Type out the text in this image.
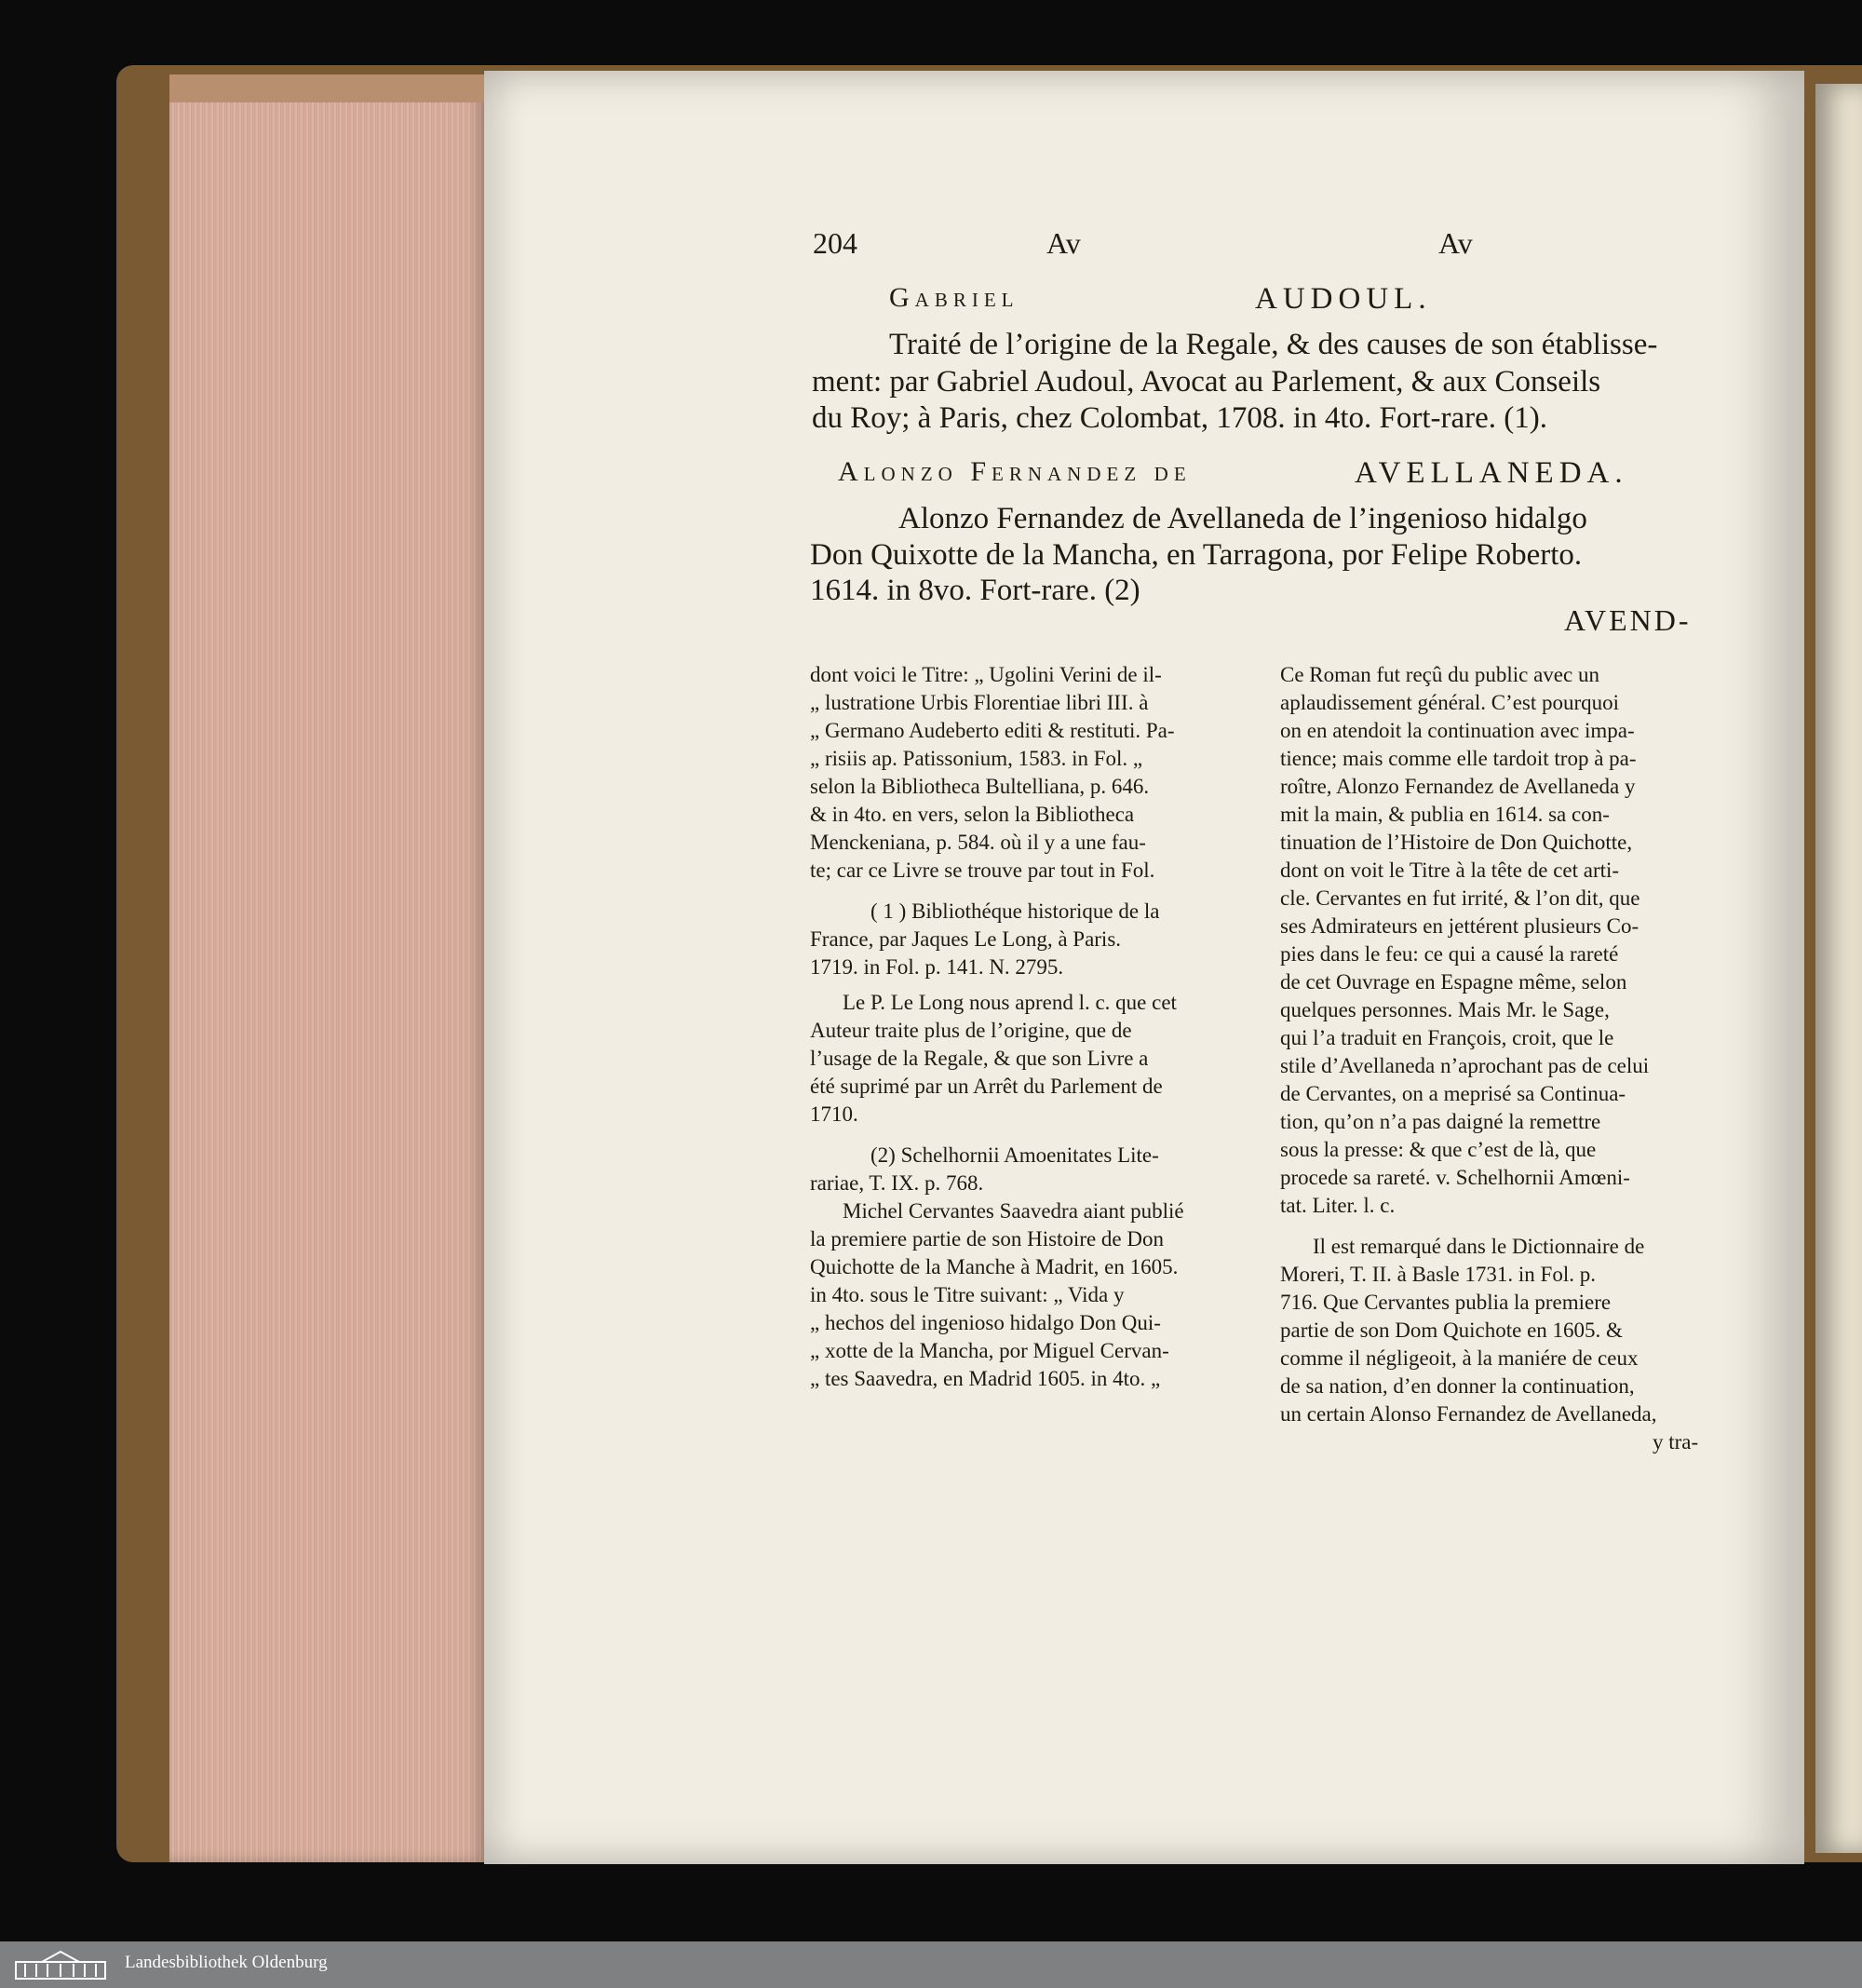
204	Av	Av
Gabriel	AUDOUL.
Traité de l’origine de la Regale, & des causes de son établisse-
ment: par Gabriel Audoul, Avocat au Parlement, & aux Conseils
du Roy; à Paris, chez Colombat, 1708. in 4to. Fort-rare. (1).
Alonzo Fernandez de	AVELLANEDA.
Alonzo Fernandez de Avellaneda de l’ingenioso hidalgo
Don Quixotte de la Mancha, en Tarragona, por Felipe Roberto.
1614. in 8vo. Fort-rare. (2)
AVEND-
dont voici le Titre: „ Ugolini Verini de il-
„ lustratione Urbis Florentiae libri III. à
„ Germano Audeberto editi & restituti. Pa-
„ risiis ap. Patissonium, 1583. in Fol. „
selon la Bibliotheca Bultelliana, p. 646.
& in 4to. en vers, selon la Bibliotheca
Menckeniana, p. 584. où il y a une fau-
te; car ce Livre se trouve par tout in Fol.
( 1 ) Bibliothéque historique de la
France, par Jaques Le Long, à Paris.
1719. in Fol. p. 141. N. 2795.
Le P. Le Long nous aprend l. c. que cet
Auteur traite plus de l’origine, que de
l’usage de la Regale, & que son Livre a
été suprimé par un Arrêt du Parlement de
1710.
(2) Schelhornii Amoenitates Lite-
rariae, T. IX. p. 768.
Michel Cervantes Saavedra aiant publié
la premiere partie de son Histoire de Don
Quichotte de la Manche à Madrit, en 1605.
in 4to. sous le Titre suivant: „ Vida y
„ hechos del ingenioso hidalgo Don Qui-
„ xotte de la Mancha, por Miguel Cervan-
„ tes Saavedra, en Madrid 1605. in 4to. „
Ce Roman fut reçû du public avec un
aplaudissement général. C’est pourquoi
on en atendoit la continuation avec impa-
tience; mais comme elle tardoit trop à pa-
roître, Alonzo Fernandez de Avellaneda y
mit la main, & publia en 1614. sa con-
tinuation de l’Histoire de Don Quichotte,
dont on voit le Titre à la tête de cet arti-
cle. Cervantes en fut irrité, & l’on dit, que
ses Admirateurs en jettérent plusieurs Co-
pies dans le feu: ce qui a causé la rareté
de cet Ouvrage en Espagne même, selon
quelques personnes. Mais Mr. le Sage,
qui l’a traduit en François, croit, que le
stile d’Avellaneda n’aprochant pas de celui
de Cervantes, on a meprisé sa Continua-
tion, qu’on n’a pas daigné la remettre
sous la presse: & que c’est de là, que
procede sa rareté. v. Schelhornii Amœni-
tat. Liter. l. c.
Il est remarqué dans le Dictionnaire de
Moreri, T. II. à Basle 1731. in Fol. p.
716. Que Cervantes publia la premiere
partie de son Dom Quichote en 1605. &
comme il négligeoit, à la maniére de ceux
de sa nation, d’en donner la continuation,
un certain Alonso Fernandez de Avellaneda,
y tra-
Landesbibliothek Oldenburg
